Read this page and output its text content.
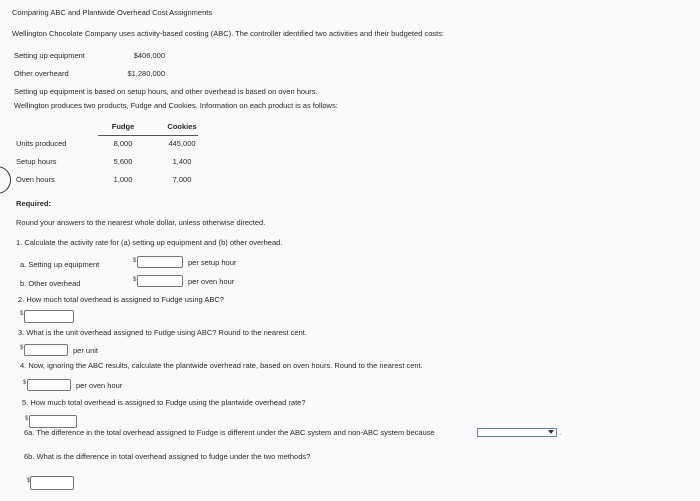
Comparing ABC and Plantwide Overhead Cost Assignments
Wellington Chocolate Company uses activity-based costing (ABC). The controller identified two activities and their budgeted costs:
Setting up equipment	$406,000
Other overheard	$1,280,000
Setting up equipment is based on setup hours, and other overhead is based on oven hours.
Wellington produces two products, Fudge and Cookies. Information on each product is as follows:
	Fudge	Cookies
Units produced	8,000	445,000
Setup hours	5,600	1,400
Oven hours	1,000	7,000
Required:
Round your answers to the nearest whole dollar, unless otherwise directed.
1. Calculate the activity rate for (a) setting up equipment and (b) other overhead.
a. Setting up equipment	$	per setup hour
b. Other overhead	$	per oven hour
2. How much total overhead is assigned to Fudge using ABC?
$
3. What is the unit overhead assigned to Fudge using ABC? Round to the nearest cent.
$	per unit
4. Now, ignoring the ABC results, calculate the plantwide overhead rate, based on oven hours. Round to the nearest cent.
$	per oven hour
5. How much total overhead is assigned to Fudge using the plantwide overhead rate?
$
6a. The difference in the total overhead assigned to Fudge is different under the ABC system and non-ABC system because	.
6b. What is the difference in total overhead assigned to fudge under the two methods?
$
